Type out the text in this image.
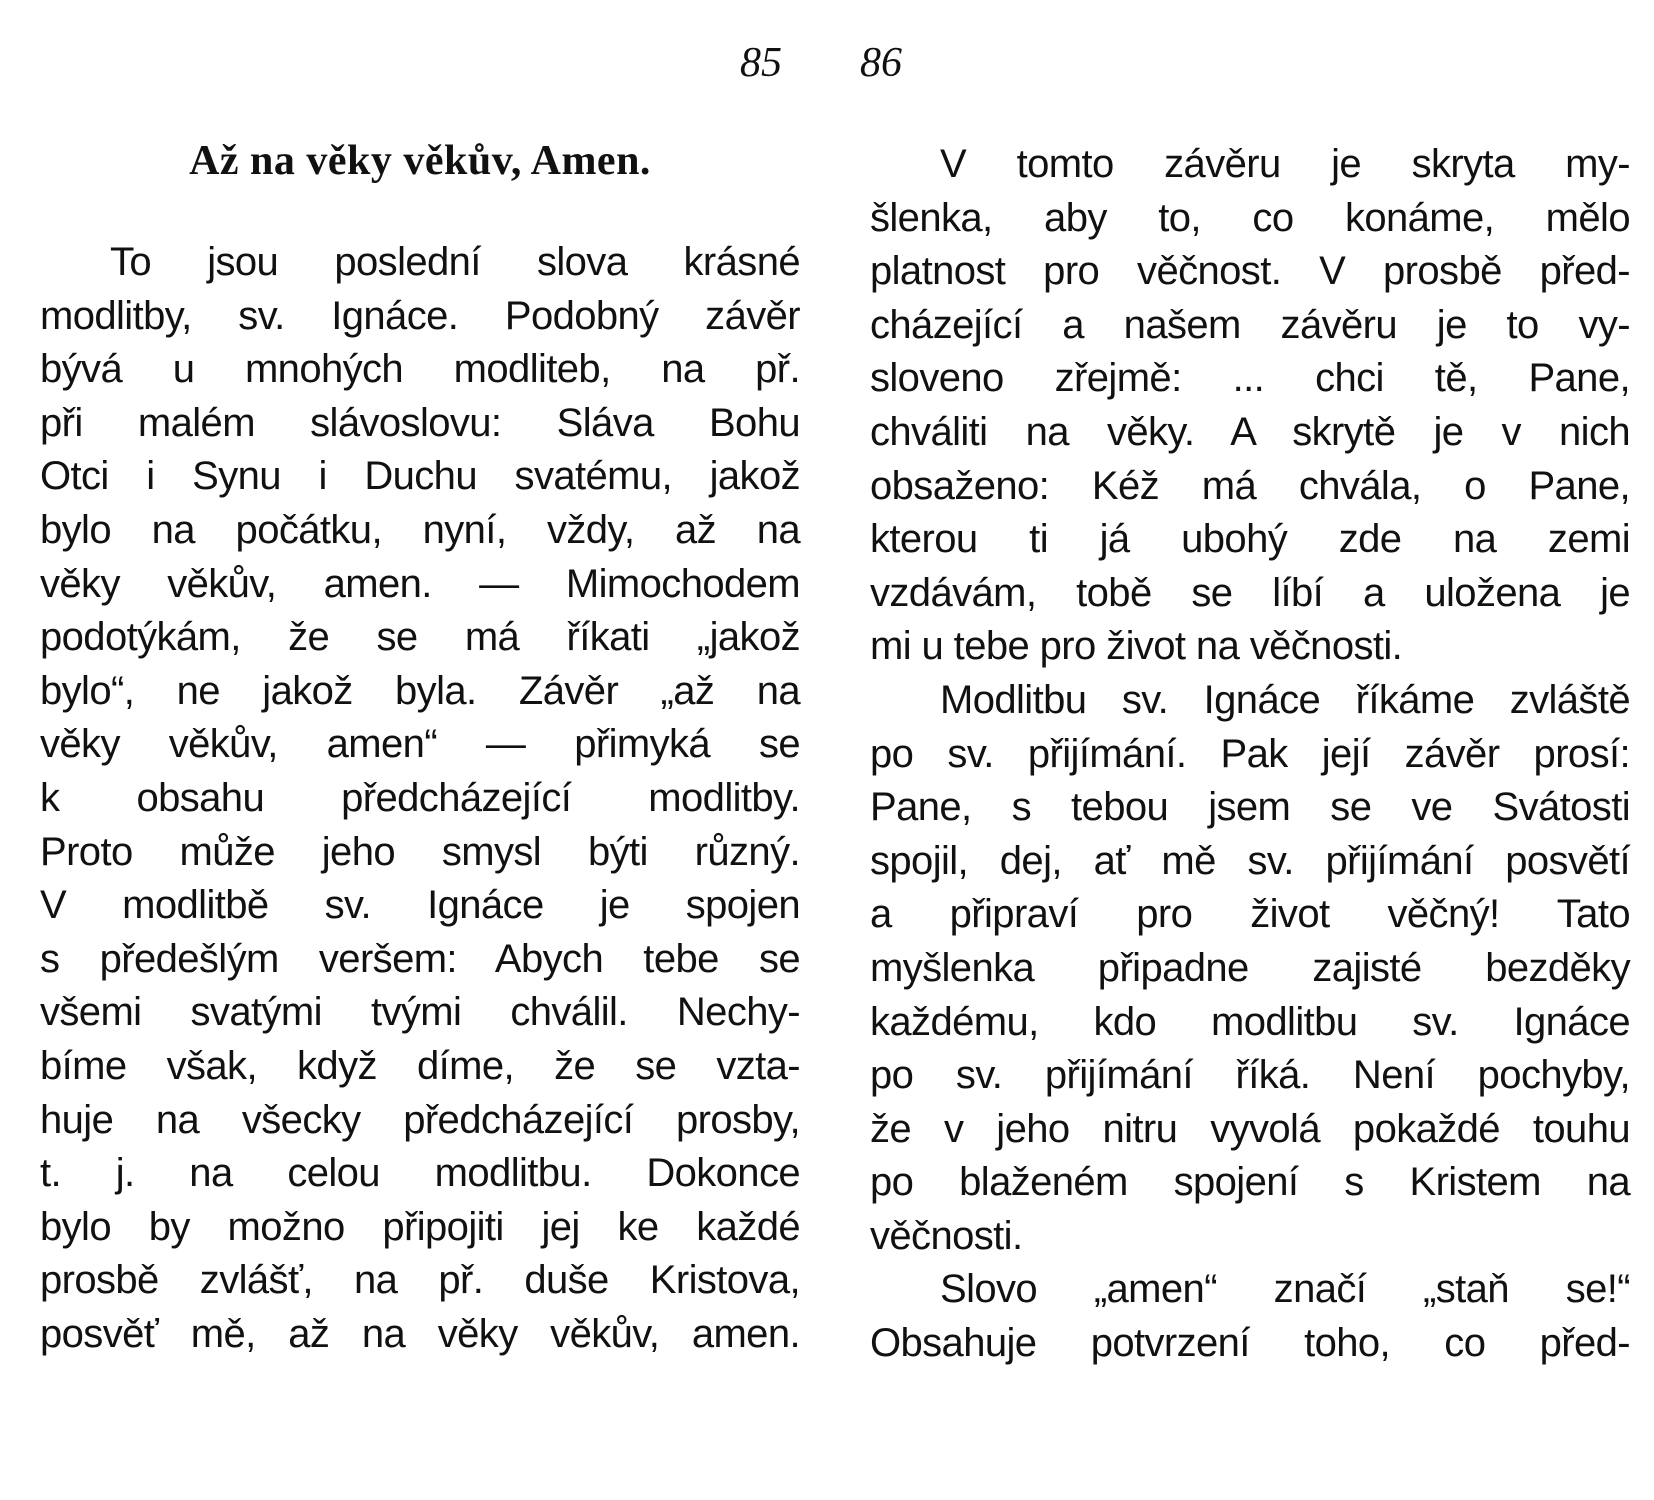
85
Až na věky věkův, Amen.
To jsou poslední slova krásné
modlitby, sv. Ignáce. Podobný závěr
bývá u mnohých modliteb, na př.
při malém slávoslovu: Sláva Bohu
Otci i Synu i Duchu svatému, jakož
bylo na počátku, nyní, vždy, až na
věky věkův, amen. — Mimochodem
podotýkám, že se má říkati „jakož
bylo“, ne jakož byla. Závěr „až na
věky věkův, amen“ — přimyká se
k obsahu předcházející modlitby.
Proto může jeho smysl býti různý.
V modlitbě sv. Ignáce je spojen
s předešlým veršem: Abych tebe se
všemi svatými tvými chválil. Nechy-
bíme však, když díme, že se vzta-
huje na všecky předcházející prosby,
t. j. na celou modlitbu. Dokonce
bylo by možno připojiti jej ke každé
prosbě zvlášť, na př. duše Kristova,
posvěť mě, až na věky věkův, amen.
86
V tomto závěru je skryta my-
šlenka, aby to, co konáme, mělo
platnost pro věčnost. V prosbě před-
cházející a našem závěru je to vy-
sloveno zřejmě: ... chci tě, Pane,
chváliti na věky. A skrytě je v nich
obsaženo: Kéž má chvála, o Pane,
kterou ti já ubohý zde na zemi
vzdávám, tobě se líbí a uložena je
mi u tebe pro život na věčnosti.
Modlitbu sv. Ignáce říkáme zvláště
po sv. přijímání. Pak její závěr prosí:
Pane, s tebou jsem se ve Svátosti
spojil, dej, ať mě sv. přijímání posvětí
a připraví pro život věčný! Tato
myšlenka připadne zajisté bezděky
každému, kdo modlitbu sv. Ignáce
po sv. přijímání říká. Není pochyby,
že v jeho nitru vyvolá pokaždé touhu
po blaženém spojení s Kristem na
věčnosti.
Slovo „amen“ značí „staň se!“
Obsahuje potvrzení toho, co před-
